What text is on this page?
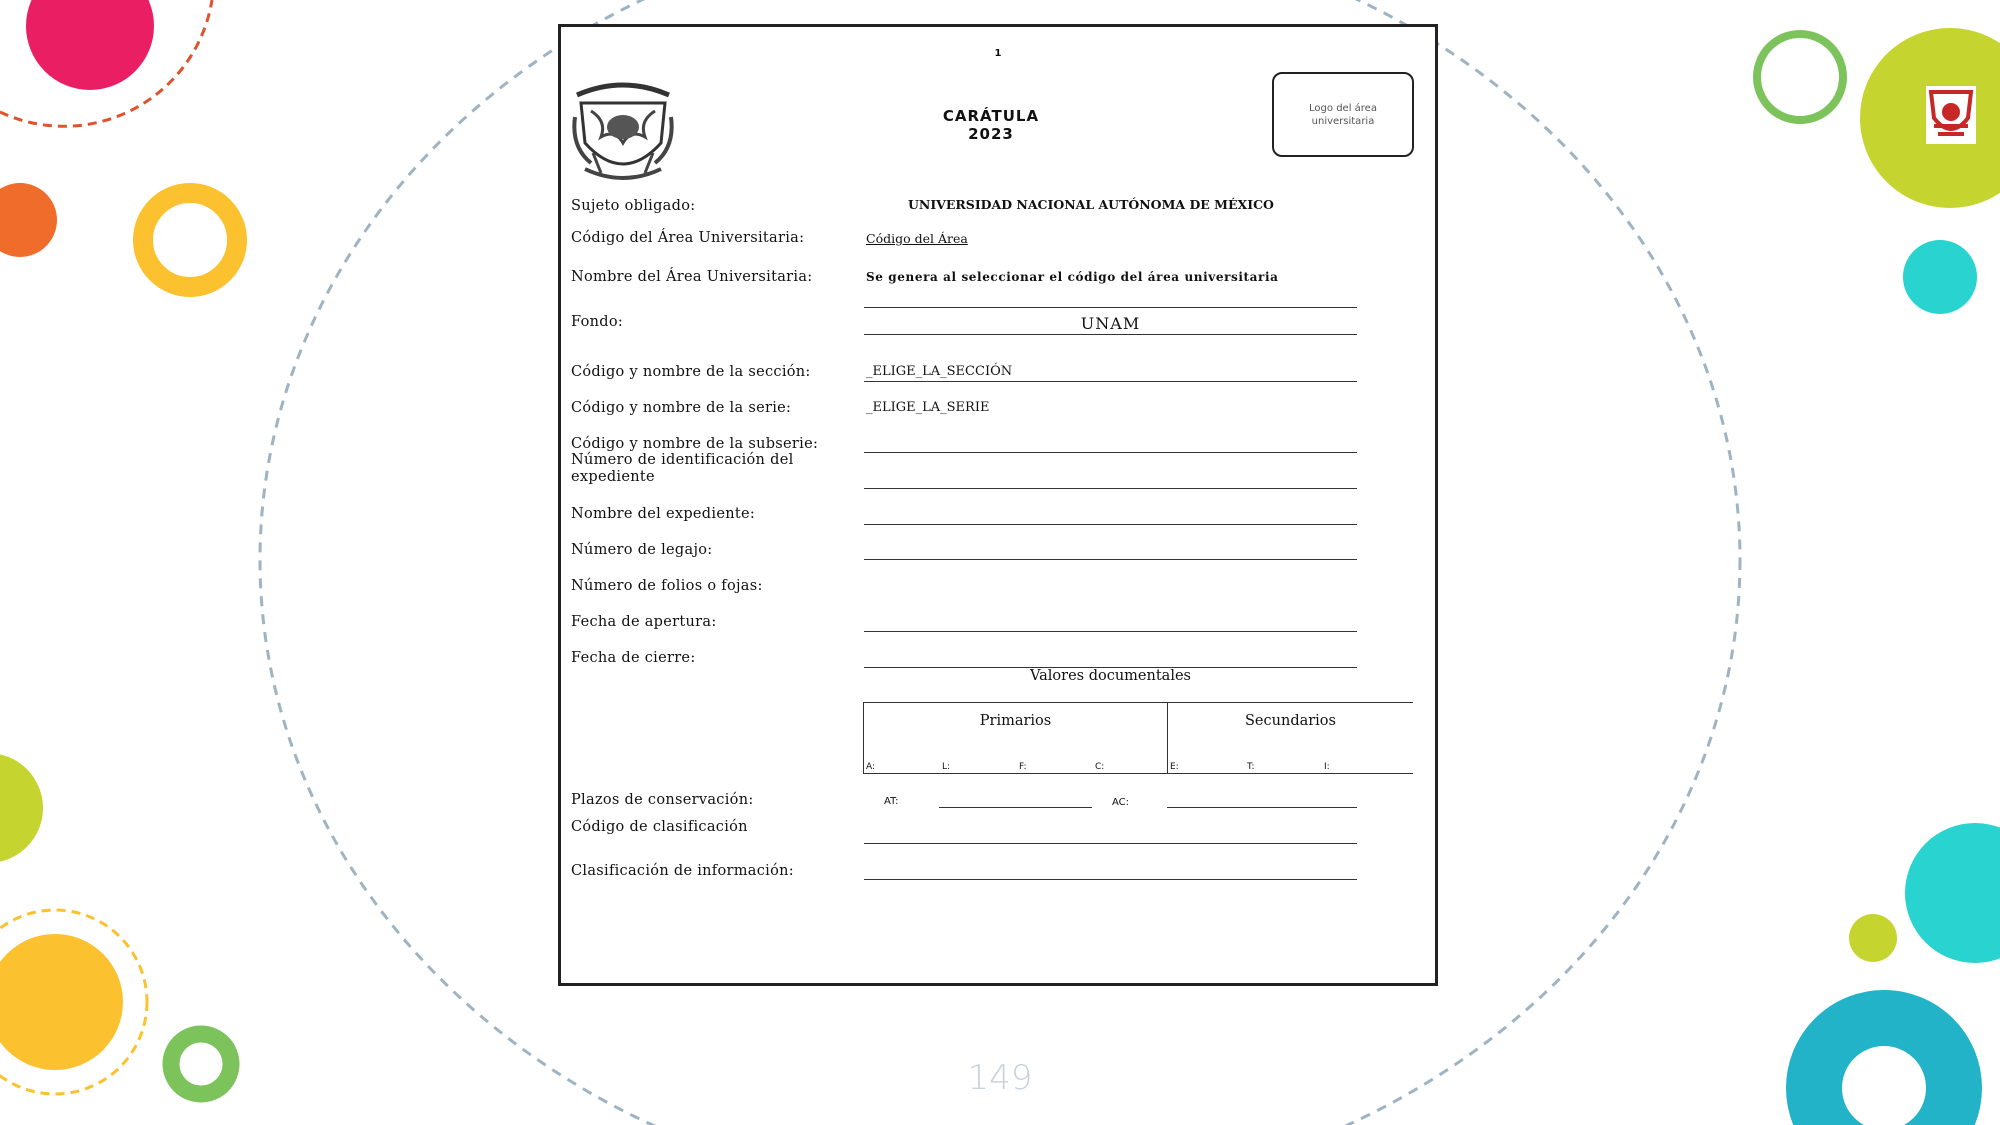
1
CARÁTULA
2023
Logo del área universitaria
Sujeto obligado:	UNIVERSIDAD NACIONAL AUTÓNOMA DE MÉXICO
Código del Área Universitaria:	Código del Área
Nombre del Área Universitaria:	Se genera al seleccionar el código del área universitaria
Fondo:	UNAM
Código y nombre de la sección:	_ELIGE_LA_SECCIÓN
Código y nombre de la serie:	_ELIGE_LA_SERIE
Código y nombre de la subserie:
Número de identificación del expediente
Nombre del expediente:
Número de legajo:
Número de folios o fojas:
Fecha de apertura:
Fecha de cierre:
Valores documentales
Primarios	Secundarios
A:	L:	F:	C:	E:	T:	I:
Plazos de conservación:	AT:	AC:
Código de clasificación
Clasificación de información:
149
